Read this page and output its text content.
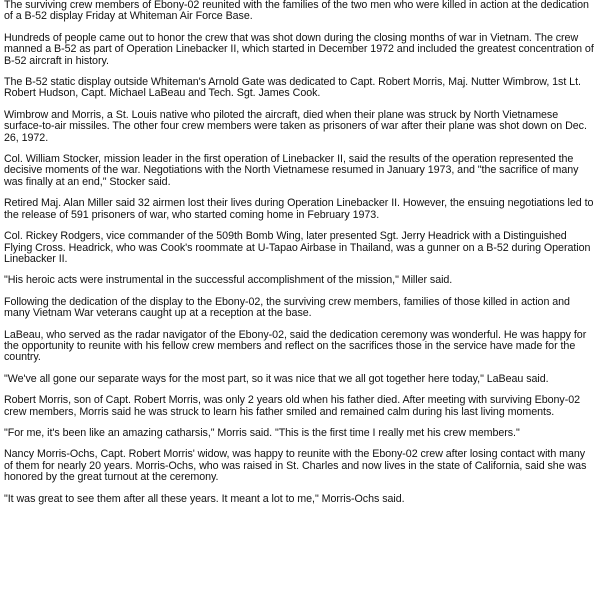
The surviving crew members of Ebony-02 reunited with the families of the two men who were killed in action at the dedication of a B-52 display Friday at Whiteman Air Force Base.

Hundreds of people came out to honor the crew that was shot down during the closing months of war in Vietnam. The crew manned a B-52 as part of Operation Linebacker II, which started in December 1972 and included the greatest concentration of B-52 aircraft in history.

The B-52 static display outside Whiteman's Arnold Gate was dedicated to Capt. Robert Morris, Maj. Nutter Wimbrow, 1st Lt. Robert Hudson, Capt. Michael LaBeau and Tech. Sgt. James Cook.

Wimbrow and Morris, a St. Louis native who piloted the aircraft, died when their plane was struck by North Vietnamese surface-to-air missiles. The other four crew members were taken as prisoners of war after their plane was shot down on Dec. 26, 1972.

Col. William Stocker, mission leader in the first operation of Linebacker II, said the results of the operation represented the decisive moments of the war. Negotiations with the North Vietnamese resumed in January 1973, and "the sacrifice of many was finally at an end," Stocker said.

Retired Maj. Alan Miller said 32 airmen lost their lives during Operation Linebacker II. However, the ensuing negotiations led to the release of 591 prisoners of war, who started coming home in February 1973.

Col. Rickey Rodgers, vice commander of the 509th Bomb Wing, later presented Sgt. Jerry Headrick with a Distinguished Flying Cross. Headrick, who was Cook's roommate at U-Tapao Airbase in Thailand, was a gunner on a B-52 during Operation Linebacker II.

"His heroic acts were instrumental in the successful accomplishment of the mission," Miller said.

Following the dedication of the display to the Ebony-02, the surviving crew members, families of those killed in action and many Vietnam War veterans caught up at a reception at the base.

LaBeau, who served as the radar navigator of the Ebony-02, said the dedication ceremony was wonderful. He was happy for the opportunity to reunite with his fellow crew members and reflect on the sacrifices those in the service have made for the country.

"We've all gone our separate ways for the most part, so it was nice that we all got together here today," LaBeau said.

Robert Morris, son of Capt. Robert Morris, was only 2 years old when his father died. After meeting with surviving Ebony-02 crew members, Morris said he was struck to learn his father smiled and remained calm during his last living moments.

"For me, it's been like an amazing catharsis," Morris said. "This is the first time I really met his crew members."

Nancy Morris-Ochs, Capt. Robert Morris' widow, was happy to reunite with the Ebony-02 crew after losing contact with many of them for nearly 20 years. Morris-Ochs, who was raised in St. Charles and now lives in the state of California, said she was honored by the great turnout at the ceremony.

"It was great to see them after all these years. It meant a lot to me," Morris-Ochs said.
